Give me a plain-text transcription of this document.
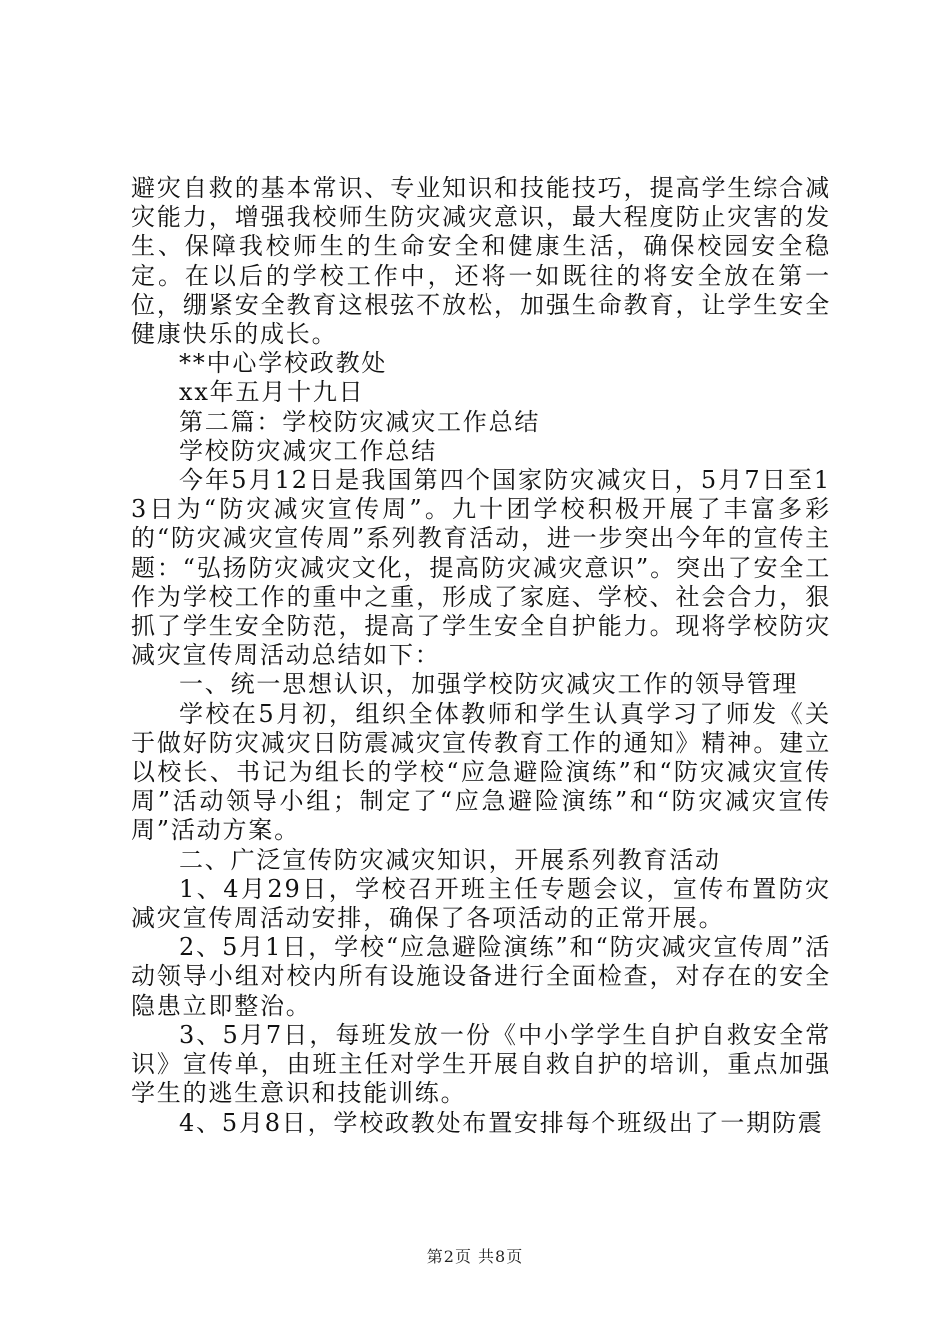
避灾自救的基本常识、专业知识和技能技巧，提高学生综合减灾能力，增强我校师生防灾减灾意识，最大程度防止灾害的发生、保障我校师生的生命安全和健康生活，确保校园安全稳定。在以后的学校工作中，还将一如既往的将安全放在第一位，绷紧安全教育这根弦不放松，加强生命教育，让学生安全健康快乐的成长。

**中心学校政教处

xx年五月十九日

第二篇：学校防灾减灾工作总结

学校防灾减灾工作总结

今年5月12日是我国第四个国家防灾减灾日，5月7日至13日为“防灾减灾宣传周”。九十团学校积极开展了丰富多彩的“防灾减灾宣传周”系列教育活动，进一步突出今年的宣传主题：“弘扬防灾减灾文化，提高防灾减灾意识”。突出了安全工作为学校工作的重中之重，形成了家庭、学校、社会合力，狠抓了学生安全防范，提高了学生安全自护能力。现将学校防灾减灾宣传周活动总结如下：

一、统一思想认识，加强学校防灾减灾工作的领导管理

学校在5月初，组织全体教师和学生认真学习了师发《关于做好防灾减灾日防震减灾宣传教育工作的通知》精神。建立以校长、书记为组长的学校“应急避险演练”和“防灾减灾宣传周”活动领导小组；制定了“应急避险演练”和“防灾减灾宣传周”活动方案。

二、广泛宣传防灾减灾知识，开展系列教育活动

1、4月29日，学校召开班主任专题会议，宣传布置防灾减灾宣传周活动安排，确保了各项活动的正常开展。

2、5月1日，学校“应急避险演练”和“防灾减灾宣传周”活动领导小组对校内所有设施设备进行全面检查，对存在的安全隐患立即整治。

3、5月7日，每班发放一份《中小学学生自护自救安全常识》宣传单，由班主任对学生开展自救自护的培训，重点加强学生的逃生意识和技能训练。

4、5月8日，学校政教处布置安排每个班级出了一期防震

第2页 共8页
